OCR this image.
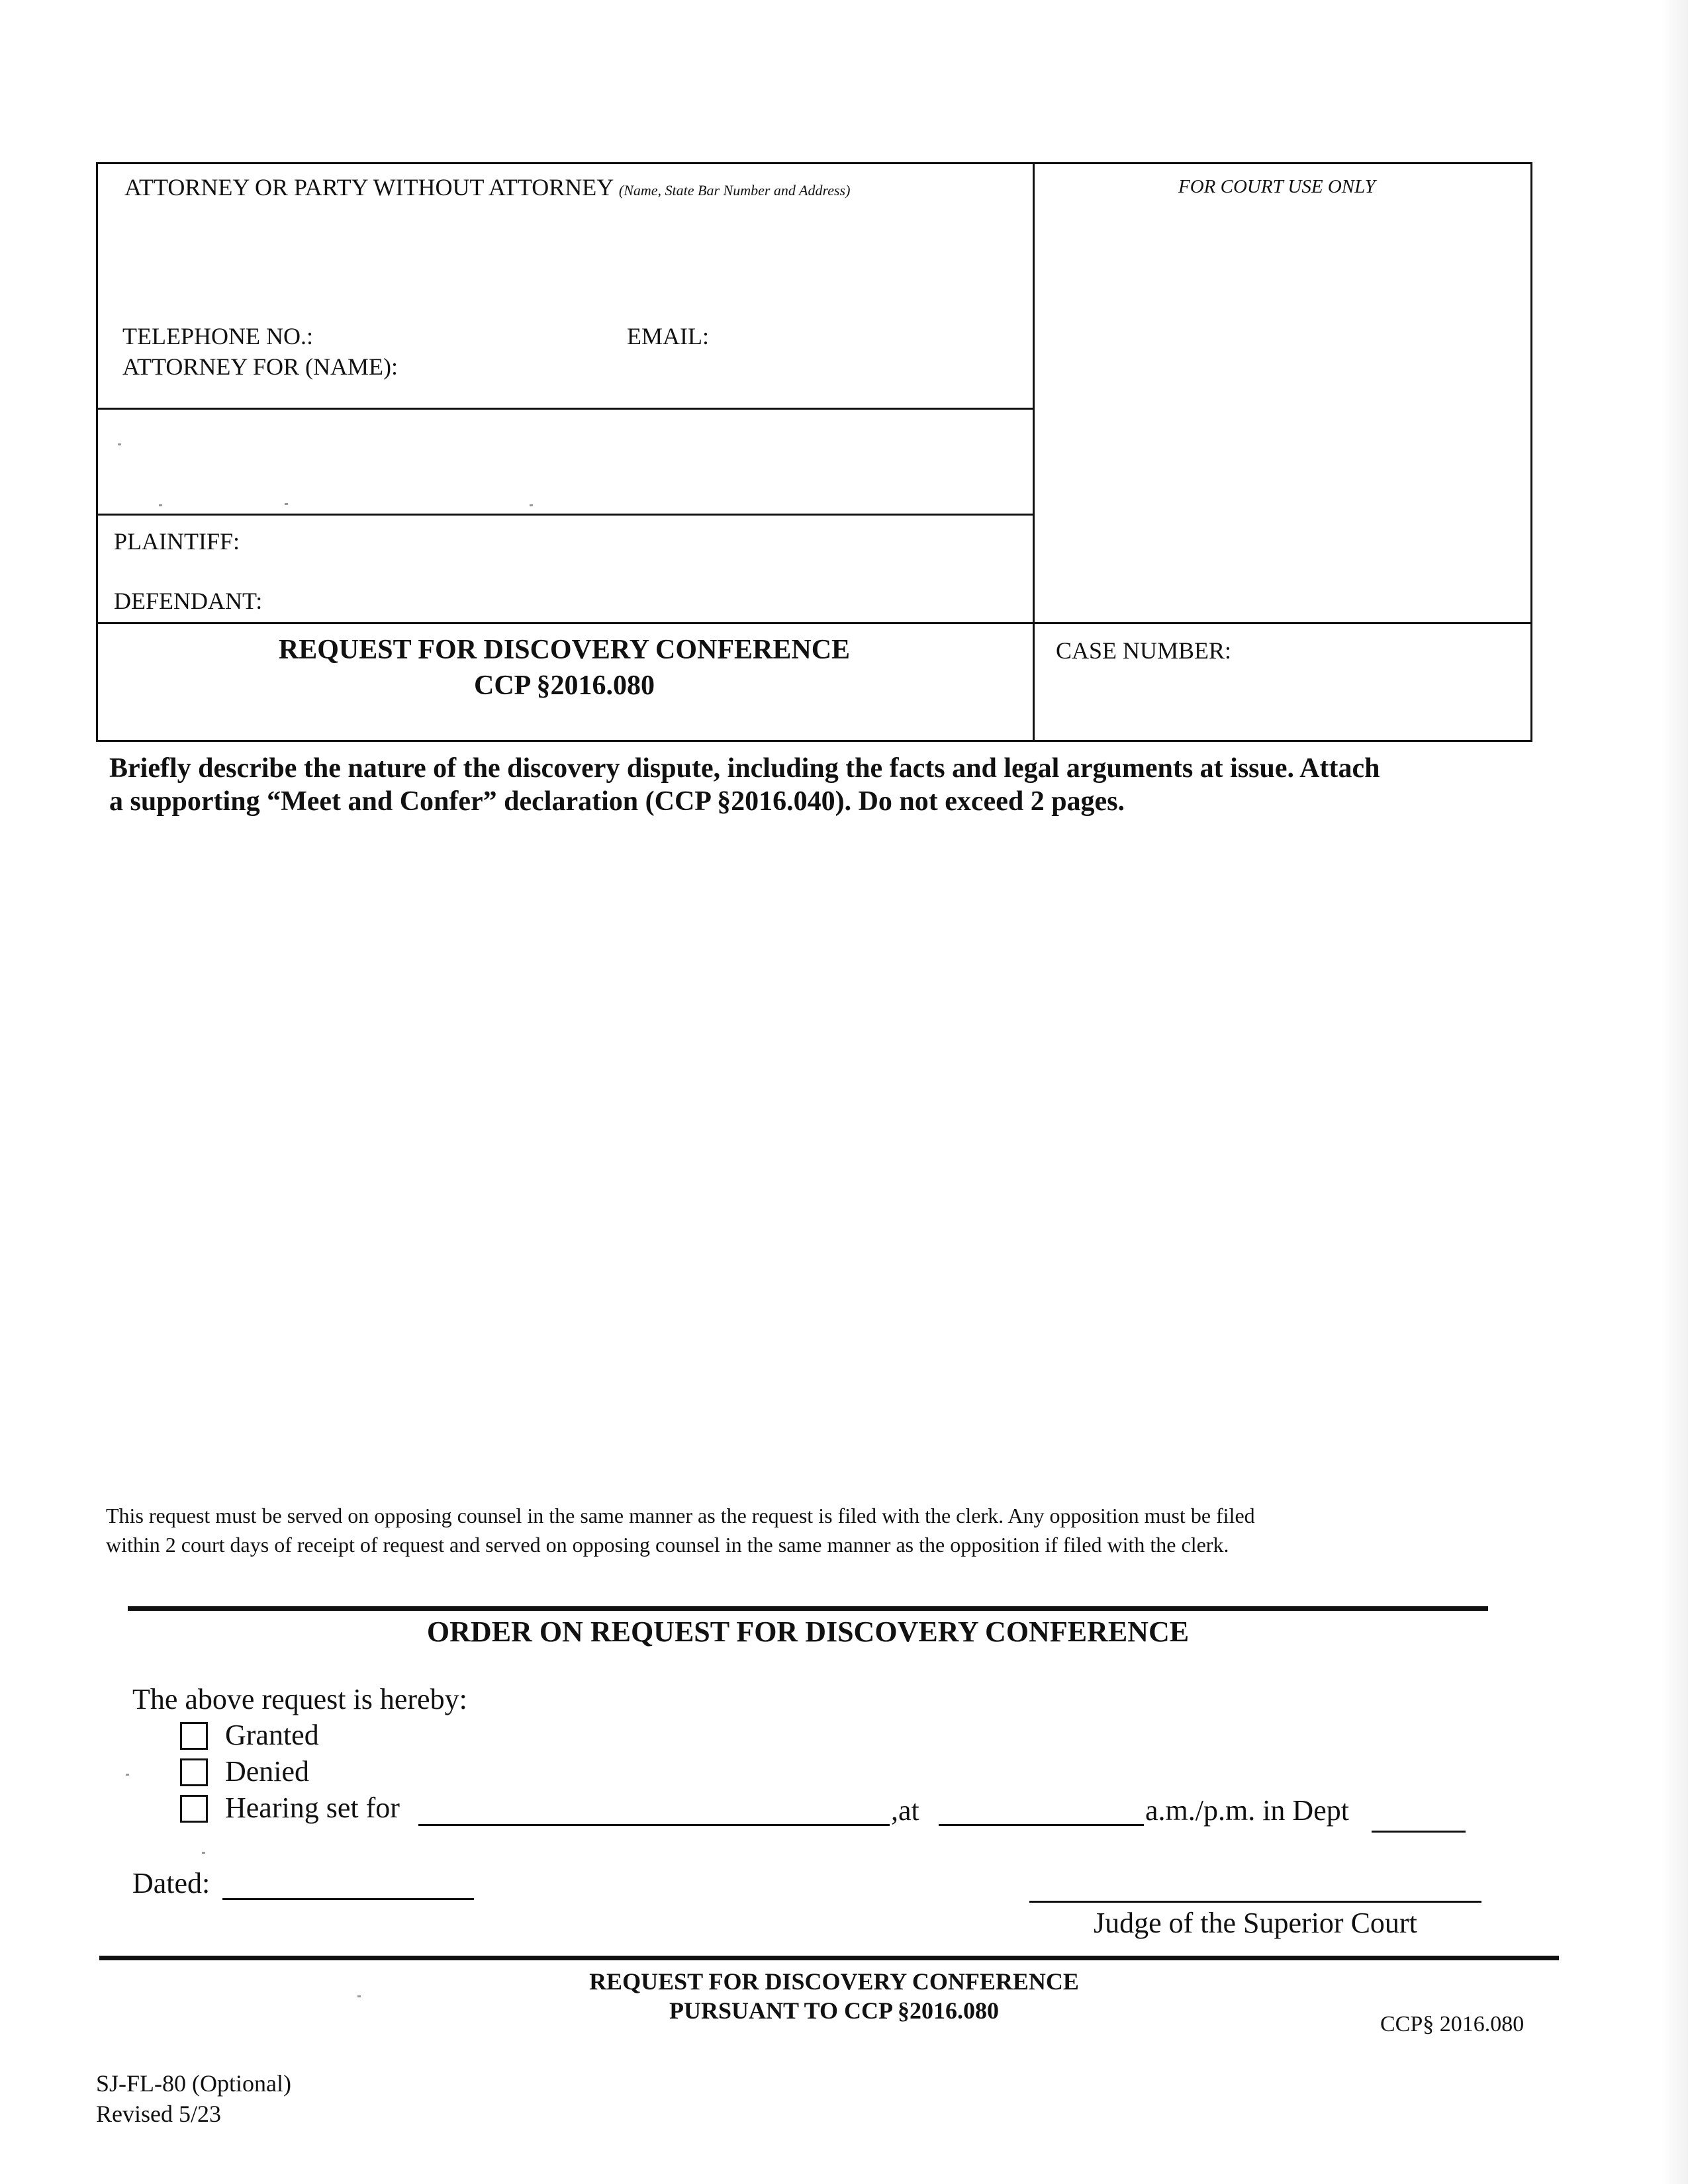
ATTORNEY OR PARTY WITHOUT ATTORNEY (Name, State Bar Number and Address)	FOR COURT USE ONLY
TELEPHONE NO.:	EMAIL:
ATTORNEY FOR (NAME):
PLAINTIFF:
DEFENDANT:
REQUEST FOR DISCOVERY CONFERENCE
CCP §2016.080
CASE NUMBER:
Briefly describe the nature of the discovery dispute, including the facts and legal arguments at issue. Attach
a supporting “Meet and Confer” declaration (CCP §2016.040). Do not exceed 2 pages.
This request must be served on opposing counsel in the same manner as the request is filed with the clerk. Any opposition must be filed
within 2 court days of receipt of request and served on opposing counsel in the same manner as the opposition if filed with the clerk.
ORDER ON REQUEST FOR DISCOVERY CONFERENCE
The above request is hereby:
Granted
Denied
Hearing set for	,at	a.m./p.m. in Dept
Dated:
Judge of the Superior Court
REQUEST FOR DISCOVERY CONFERENCE
PURSUANT TO CCP §2016.080
CCP§ 2016.080
SJ-FL-80 (Optional)
Revised 5/23
